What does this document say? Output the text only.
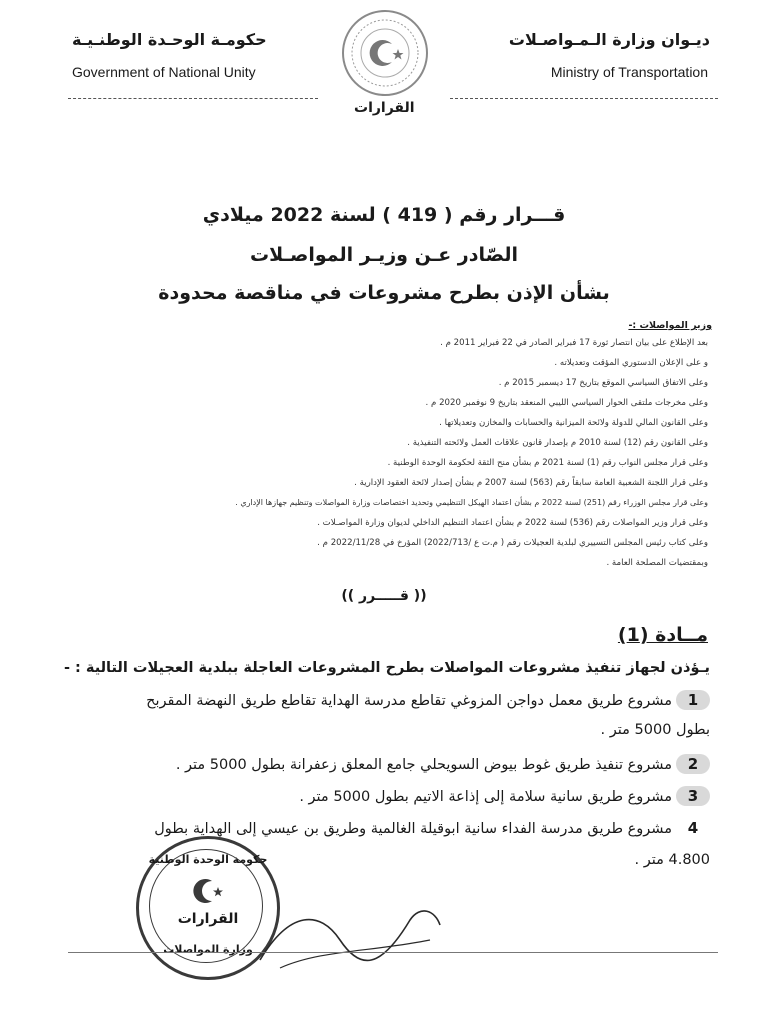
ديـوان وزارة الـمـواصـلات
Ministry of Transportation
حكومـة الوحـدة الوطنـيـة
Government of National Unity
القرارات
قـــرار رقم ( 419 ) لسنة 2022 ميلادي
الصّادر عـن وزيـر المواصـلات
بشأن الإذن بطرح مشروعات في مناقصة محدودة
وزير المواصلات :-
بعد الإطلاع على بيان انتصار ثورة 17 فبراير الصادر في 22 فبراير 2011 م .
و على الإعلان الدستوري المؤقت وتعديلاته .
وعلى الاتفاق السياسي الموقع بتاريخ 17 ديسمبر 2015 م .
وعلى مخرجات ملتقى الحوار السياسي الليبي المنعقد بتاريخ 9 نوفمبر 2020 م .
وعلى القانون المالي للدولة ولائحة الميزانية والحسابات والمخازن وتعديلاتها .
وعلى القانون رقم (12) لسنة 2010 م بإصدار قانون علاقات العمل ولائحته التنفيذية .
وعلى قرار مجلس النواب رقم (1) لسنة 2021 م بشأن منح الثقة لحكومة الوحدة الوطنية .
وعلى قرار اللجنة الشعبية العامة سابقاً رقم (563) لسنة 2007 م بشأن إصدار لائحة العقود الإدارية .
وعلى قرار مجلس الوزراء رقم (251) لسنة 2022 م بشأن اعتماد الهيكل التنظيمي وتحديد اختصاصات وزارة المواصلات وتنظيم جهازها الإداري .
وعلى قرار وزير المواصلات رقم (536) لسنة 2022 م بشأن اعتماد التنظيم الداخلي لديوان وزارة المواصـلات .
وعلى كتاب رئيس المجلس التسييري لبلدية العجيلات رقم ( م.ت ع /2022/713) المؤرخ في 2022/11/28 م .
وبمقتضيات المصلحة العامة .
(( قـــــرر ))
مــادة (1)
يـؤذن لجهاز تنفيذ مشروعات المواصلات بطرح المشروعات العاجلة ببلدية العجيلات التالية : -
1مشروع طريق معمل دواجن المزوغي تقاطع مدرسة الهداية تقاطع طريق النهضة المقربح
بطول 5000 متر .
2مشروع تنفيذ طريق غوط بيوض السويحلي جامع المعلق زعفرانة بطول 5000 متر .
3مشروع طريق سانية سلامة إلى إذاعة الاتيم بطول 5000 متر .
4مشروع طريق مدرسة الفداء سانية ابوقيلة الغالمية وطريق بن عيسي إلى الهداية بطول
4.800 متر .
حكومة الوحدة الوطنية
القرارات
وزارة المواصلات
